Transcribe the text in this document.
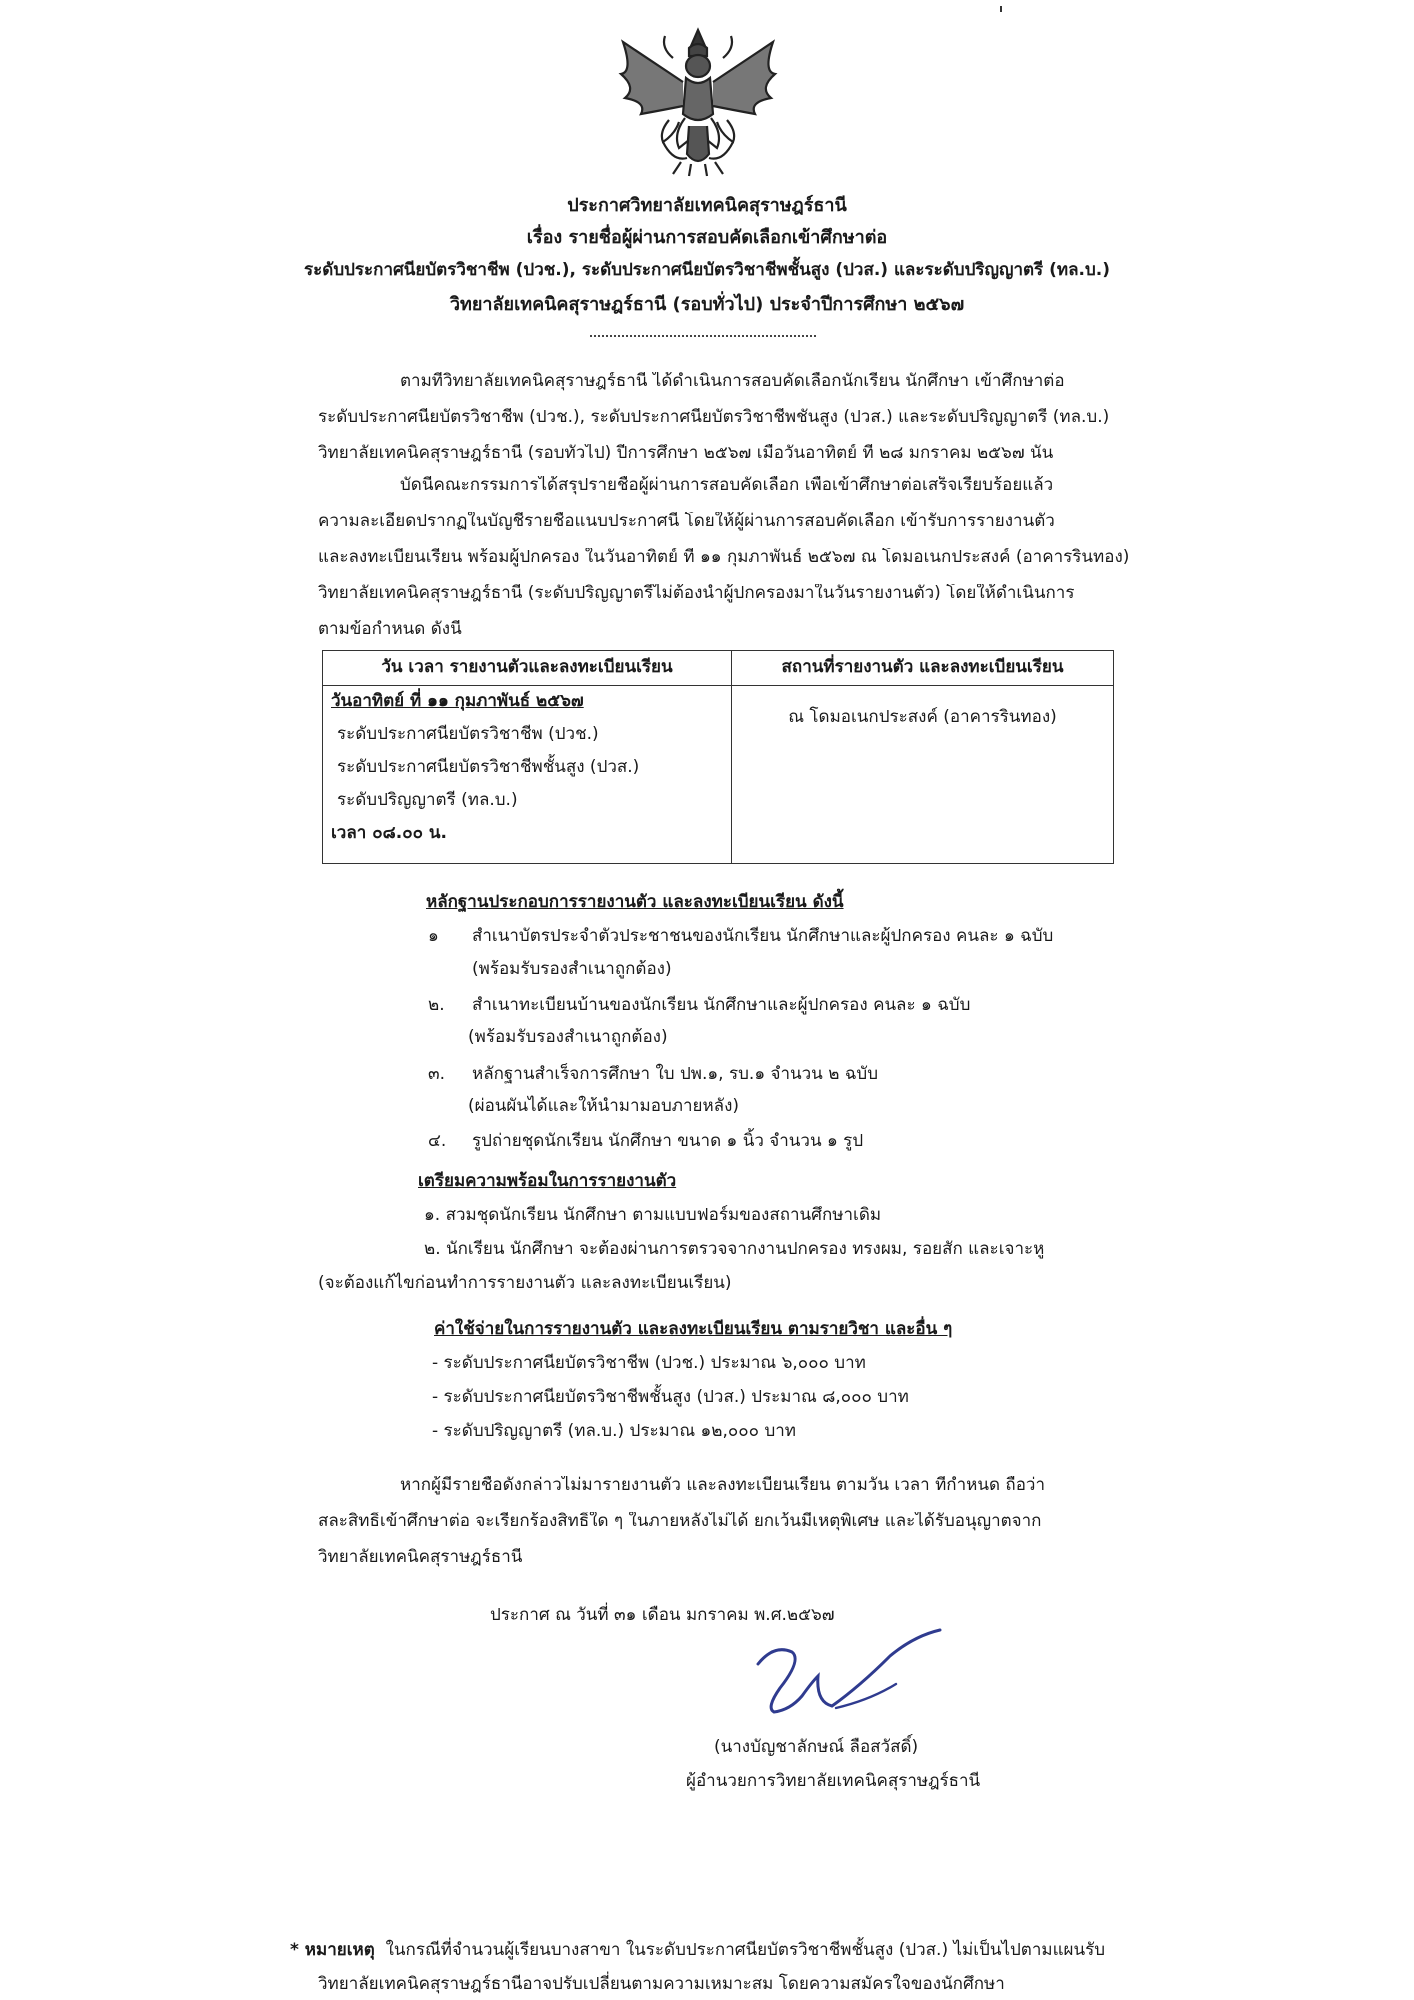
ประกาศวิทยาลัยเทคนิคสุราษฎร์ธานี
เรื่อง รายชื่อผู้ผ่านการสอบคัดเลือกเข้าศึกษาต่อ
ระดับประกาศนียบัตรวิชาชีพ (ปวช.), ระดับประกาศนียบัตรวิชาชีพชั้นสูง (ปวส.) และระดับปริญญาตรี (ทล.บ.)
วิทยาลัยเทคนิคสุราษฎร์ธานี (รอบทั่วไป) ประจำปีการศึกษา ๒๕๖๗
ตามที่วิทยาลัยเทคนิคสุราษฎร์ธานี ได้ดำเนินการสอบคัดเลือกนักเรียน นักศึกษา เข้าศึกษาต่อ
ระดับประกาศนียบัตรวิชาชีพ (ปวช.), ระดับประกาศนียบัตรวิชาชีพชั้นสูง (ปวส.) และระดับปริญญาตรี (ทล.บ.)
วิทยาลัยเทคนิคสุราษฎร์ธานี (รอบทั่วไป) ปีการศึกษา ๒๕๖๗ เมื่อวันอาทิตย์ ที่ ๒๘ มกราคม ๒๕๖๗ นั้น
บัดนี้คณะกรรมการได้สรุปรายชื่อผู้ผ่านการสอบคัดเลือก เพื่อเข้าศึกษาต่อเสร็จเรียบร้อยแล้ว
ความละเอียดปรากฏในบัญชีรายชื่อแนบประกาศนี้ โดยให้ผู้ผ่านการสอบคัดเลือก เข้ารับการรายงานตัว
และลงทะเบียนเรียน พร้อมผู้ปกครอง ในวันอาทิตย์ ที่ ๑๑ กุมภาพันธ์ ๒๕๖๗ ณ โดมอเนกประสงค์ (อาคารรินทอง)
วิทยาลัยเทคนิคสุราษฎร์ธานี (ระดับปริญญาตรีไม่ต้องนำผู้ปกครองมาในวันรายงานตัว) โดยให้ดำเนินการ
ตามข้อกำหนด ดังนี้
วัน เวลา รายงานตัวและลงทะเบียนเรียน	สถานที่รายงานตัว และลงทะเบียนเรียน

วันอาทิตย์ ที่ ๑๑ กุมภาพันธ์ ๒๕๖๗
ระดับประกาศนียบัตรวิชาชีพ (ปวช.)
ระดับประกาศนียบัตรวิชาชีพชั้นสูง (ปวส.)
ระดับปริญญาตรี (ทล.บ.)
เวลา ๐๘.๐๐ น.	ณ โดมอเนกประสงค์ (อาคารรินทอง)
หลักฐานประกอบการรายงานตัว และลงทะเบียนเรียน ดังนี้
๑ สำเนาบัตรประจำตัวประชาชนของนักเรียน นักศึกษาและผู้ปกครอง คนละ ๑ ฉบับ
(พร้อมรับรองสำเนาถูกต้อง)
๒. สำเนาทะเบียนบ้านของนักเรียน นักศึกษาและผู้ปกครอง คนละ ๑ ฉบับ
(พร้อมรับรองสำเนาถูกต้อง)
๓. หลักฐานสำเร็จการศึกษา ใบ ปพ.๑, รบ.๑ จำนวน ๒ ฉบับ
(ผ่อนผันได้และให้นำมามอบภายหลัง)
๔. รูปถ่ายชุดนักเรียน นักศึกษา ขนาด ๑ นิ้ว จำนวน ๑ รูป
เตรียมความพร้อมในการรายงานตัว
๑. สวมชุดนักเรียน นักศึกษา ตามแบบฟอร์มของสถานศึกษาเดิม
๒. นักเรียน นักศึกษา จะต้องผ่านการตรวจจากงานปกครอง ทรงผม, รอยสัก และเจาะหู
(จะต้องแก้ไขก่อนทำการรายงานตัว และลงทะเบียนเรียน)
ค่าใช้จ่ายในการรายงานตัว และลงทะเบียนเรียน ตามรายวิชา และอื่น ๆ
- ระดับประกาศนียบัตรวิชาชีพ (ปวช.) ประมาณ ๖,๐๐๐ บาท
- ระดับประกาศนียบัตรวิชาชีพชั้นสูง (ปวส.) ประมาณ ๘,๐๐๐ บาท
- ระดับปริญญาตรี (ทล.บ.) ประมาณ ๑๒,๐๐๐ บาท
หากผู้มีรายชื่อดังกล่าวไม่มารายงานตัว และลงทะเบียนเรียน ตามวัน เวลา ที่กำหนด ถือว่า
สละสิทธิ์เข้าศึกษาต่อ จะเรียกร้องสิทธิ์ใด ๆ ในภายหลังไม่ได้ ยกเว้นมีเหตุพิเศษ และได้รับอนุญาตจาก
วิทยาลัยเทคนิคสุราษฎร์ธานี
ประกาศ ณ วันที่ ๓๑ เดือน มกราคม พ.ศ.๒๕๖๗
(นางบัญชาลักษณ์ ลือสวัสดิ์)
ผู้อำนวยการวิทยาลัยเทคนิคสุราษฎร์ธานี
* หมายเหตุ ในกรณีที่จำนวนผู้เรียนบางสาขา ในระดับประกาศนียบัตรวิชาชีพชั้นสูง (ปวส.) ไม่เป็นไปตามแผนรับ
วิทยาลัยเทคนิคสุราษฎร์ธานีอาจปรับเปลี่ยนตามความเหมาะสม โดยความสมัครใจของนักศึกษา
